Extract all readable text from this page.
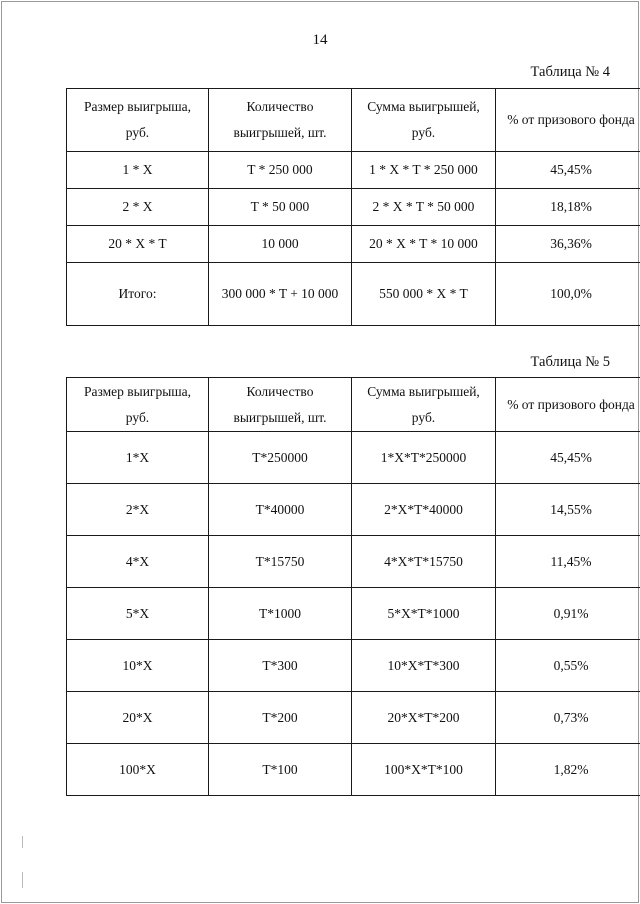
14
Таблица № 4
Размер выигрыша, руб.	Количество выигрышей, шт.	Сумма выигрышей, руб.	% от призового фонда
1 * X	T * 250 000	1 * X * T * 250 000	45,45%
2 * X	T * 50 000	2 * X * T * 50 000	18,18%
20 * X * T	10 000	20 * X * T * 10 000	36,36%
Итого:	300 000 * T + 10 000	550 000 * X * T	100,0%
Таблица № 5
Размер выигрыша, руб.	Количество выигрышей, шт.	Сумма выигрышей, руб.	% от призового фонда
1*X	T*250000	1*X*T*250000	45,45%
2*X	T*40000	2*X*T*40000	14,55%
4*X	T*15750	4*X*T*15750	11,45%
5*X	T*1000	5*X*T*1000	0,91%
10*X	T*300	10*X*T*300	0,55%
20*X	T*200	20*X*T*200	0,73%
100*X	T*100	100*X*T*100	1,82%
